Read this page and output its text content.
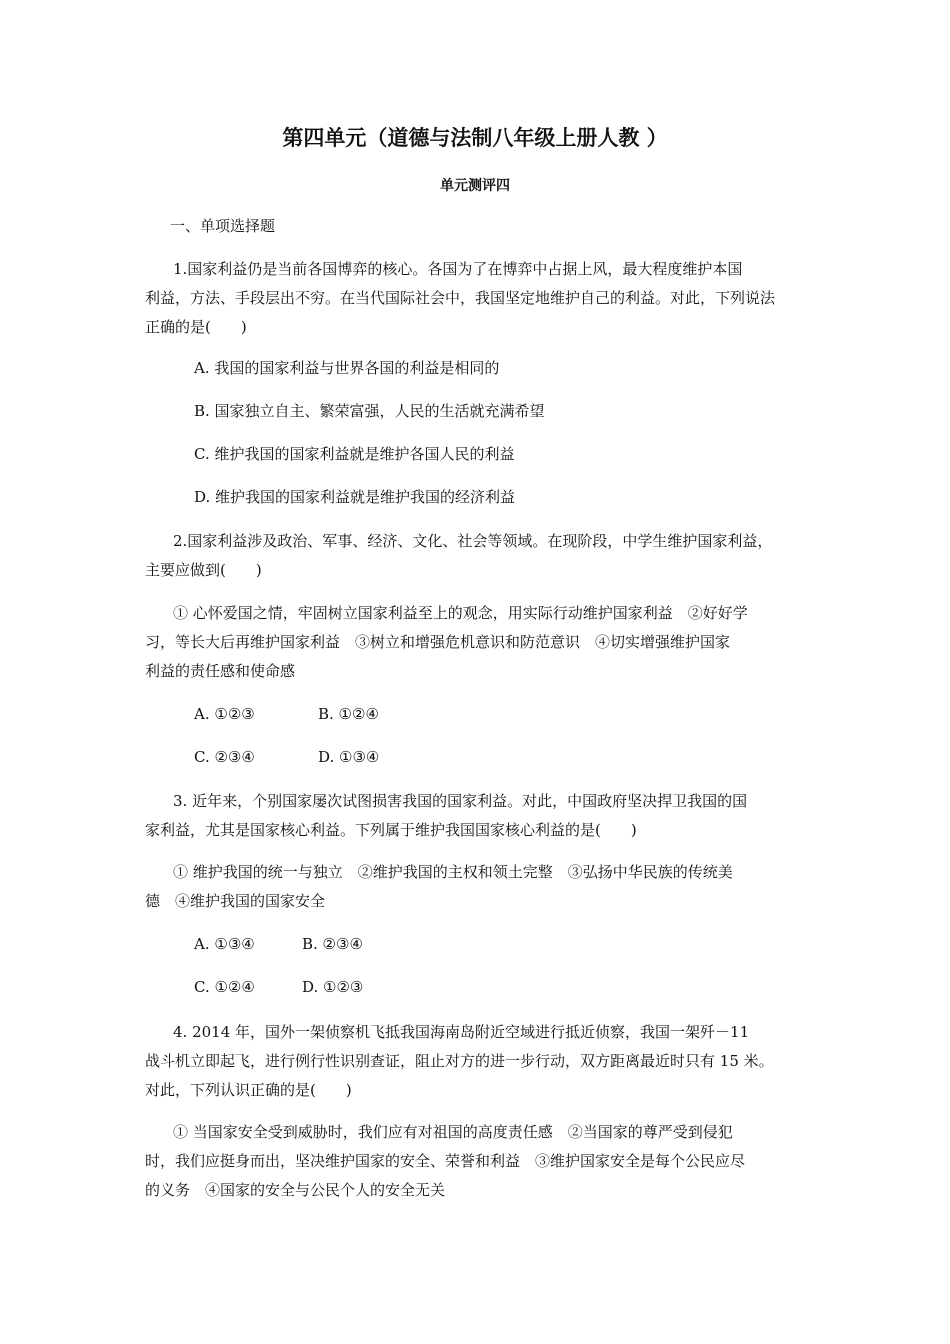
第四单元（道德与法制八年级上册人教 ）
单元测评四
一、单项选择题
1.国家利益仍是当前各国博弈的核心。各国为了在博弈中占据上风，最大程度维护本国
利益，方法、手段层出不穷。在当代国际社会中，我国坚定地维护自己的利益。对此，下列说法
正确的是(　　)
A. 我国的国家利益与世界各国的利益是相同的
B. 国家独立自主、繁荣富强，人民的生活就充满希望
C. 维护我国的国家利益就是维护各国人民的利益
D. 维护我国的国家利益就是维护我国的经济利益
2.国家利益涉及政治、军事、经济、文化、社会等领域。在现阶段，中学生维护国家利益，
主要应做到(　　)
① 心怀爱国之情，牢固树立国家利益至上的观念，用实际行动维护国家利益　②好好学
习，等长大后再维护国家利益　③树立和增强危机意识和防范意识　④切实增强维护国家
利益的责任感和使命感
A. ①②③	B. ①②④
C. ②③④	D. ①③④
3. 近年来，个别国家屡次试图损害我国的国家利益。对此，中国政府坚决捍卫我国的国
家利益，尤其是国家核心利益。下列属于维护我国国家核心利益的是(　　)
① 维护我国的统一与独立　②维护我国的主权和领土完整　③弘扬中华民族的传统美
德　④维护我国的国家安全
A. ①③④	B. ②③④
C. ①②④	D. ①②③
4. 2014 年，国外一架侦察机飞抵我国海南岛附近空域进行抵近侦察，我国一架歼－11
战斗机立即起飞，进行例行性识别查证，阻止对方的进一步行动，双方距离最近时只有 15 米。
对此，下列认识正确的是(　　)
① 当国家安全受到威胁时，我们应有对祖国的高度责任感　②当国家的尊严受到侵犯
时，我们应挺身而出，坚决维护国家的安全、荣誉和利益　③维护国家安全是每个公民应尽
的义务　④国家的安全与公民个人的安全无关
